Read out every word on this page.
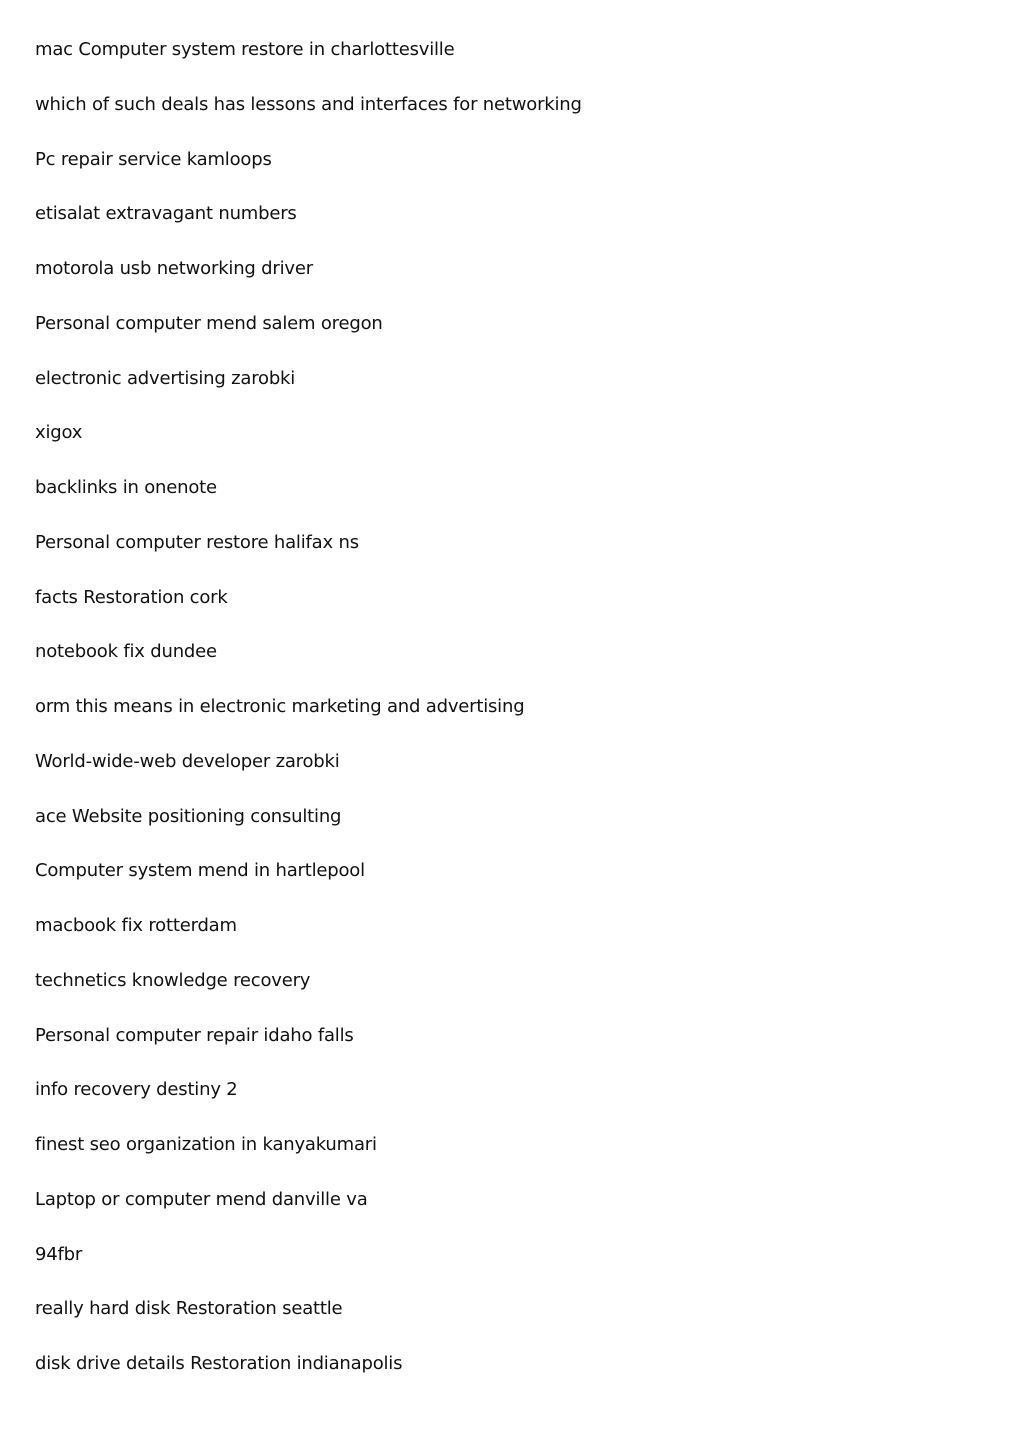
mac Computer system restore in charlottesville
which of such deals has lessons and interfaces for networking
Pc repair service kamloops
etisalat extravagant numbers
motorola usb networking driver
Personal computer mend salem oregon
electronic advertising zarobki
xigox
backlinks in onenote
Personal computer restore halifax ns
facts Restoration cork
notebook fix dundee
orm this means in electronic marketing and advertising
World-wide-web developer zarobki
ace Website positioning consulting
Computer system mend in hartlepool
macbook fix rotterdam
technetics knowledge recovery
Personal computer repair idaho falls
info recovery destiny 2
finest seo organization in kanyakumari
Laptop or computer mend danville va
94fbr
really hard disk Restoration seattle
disk drive details Restoration indianapolis
